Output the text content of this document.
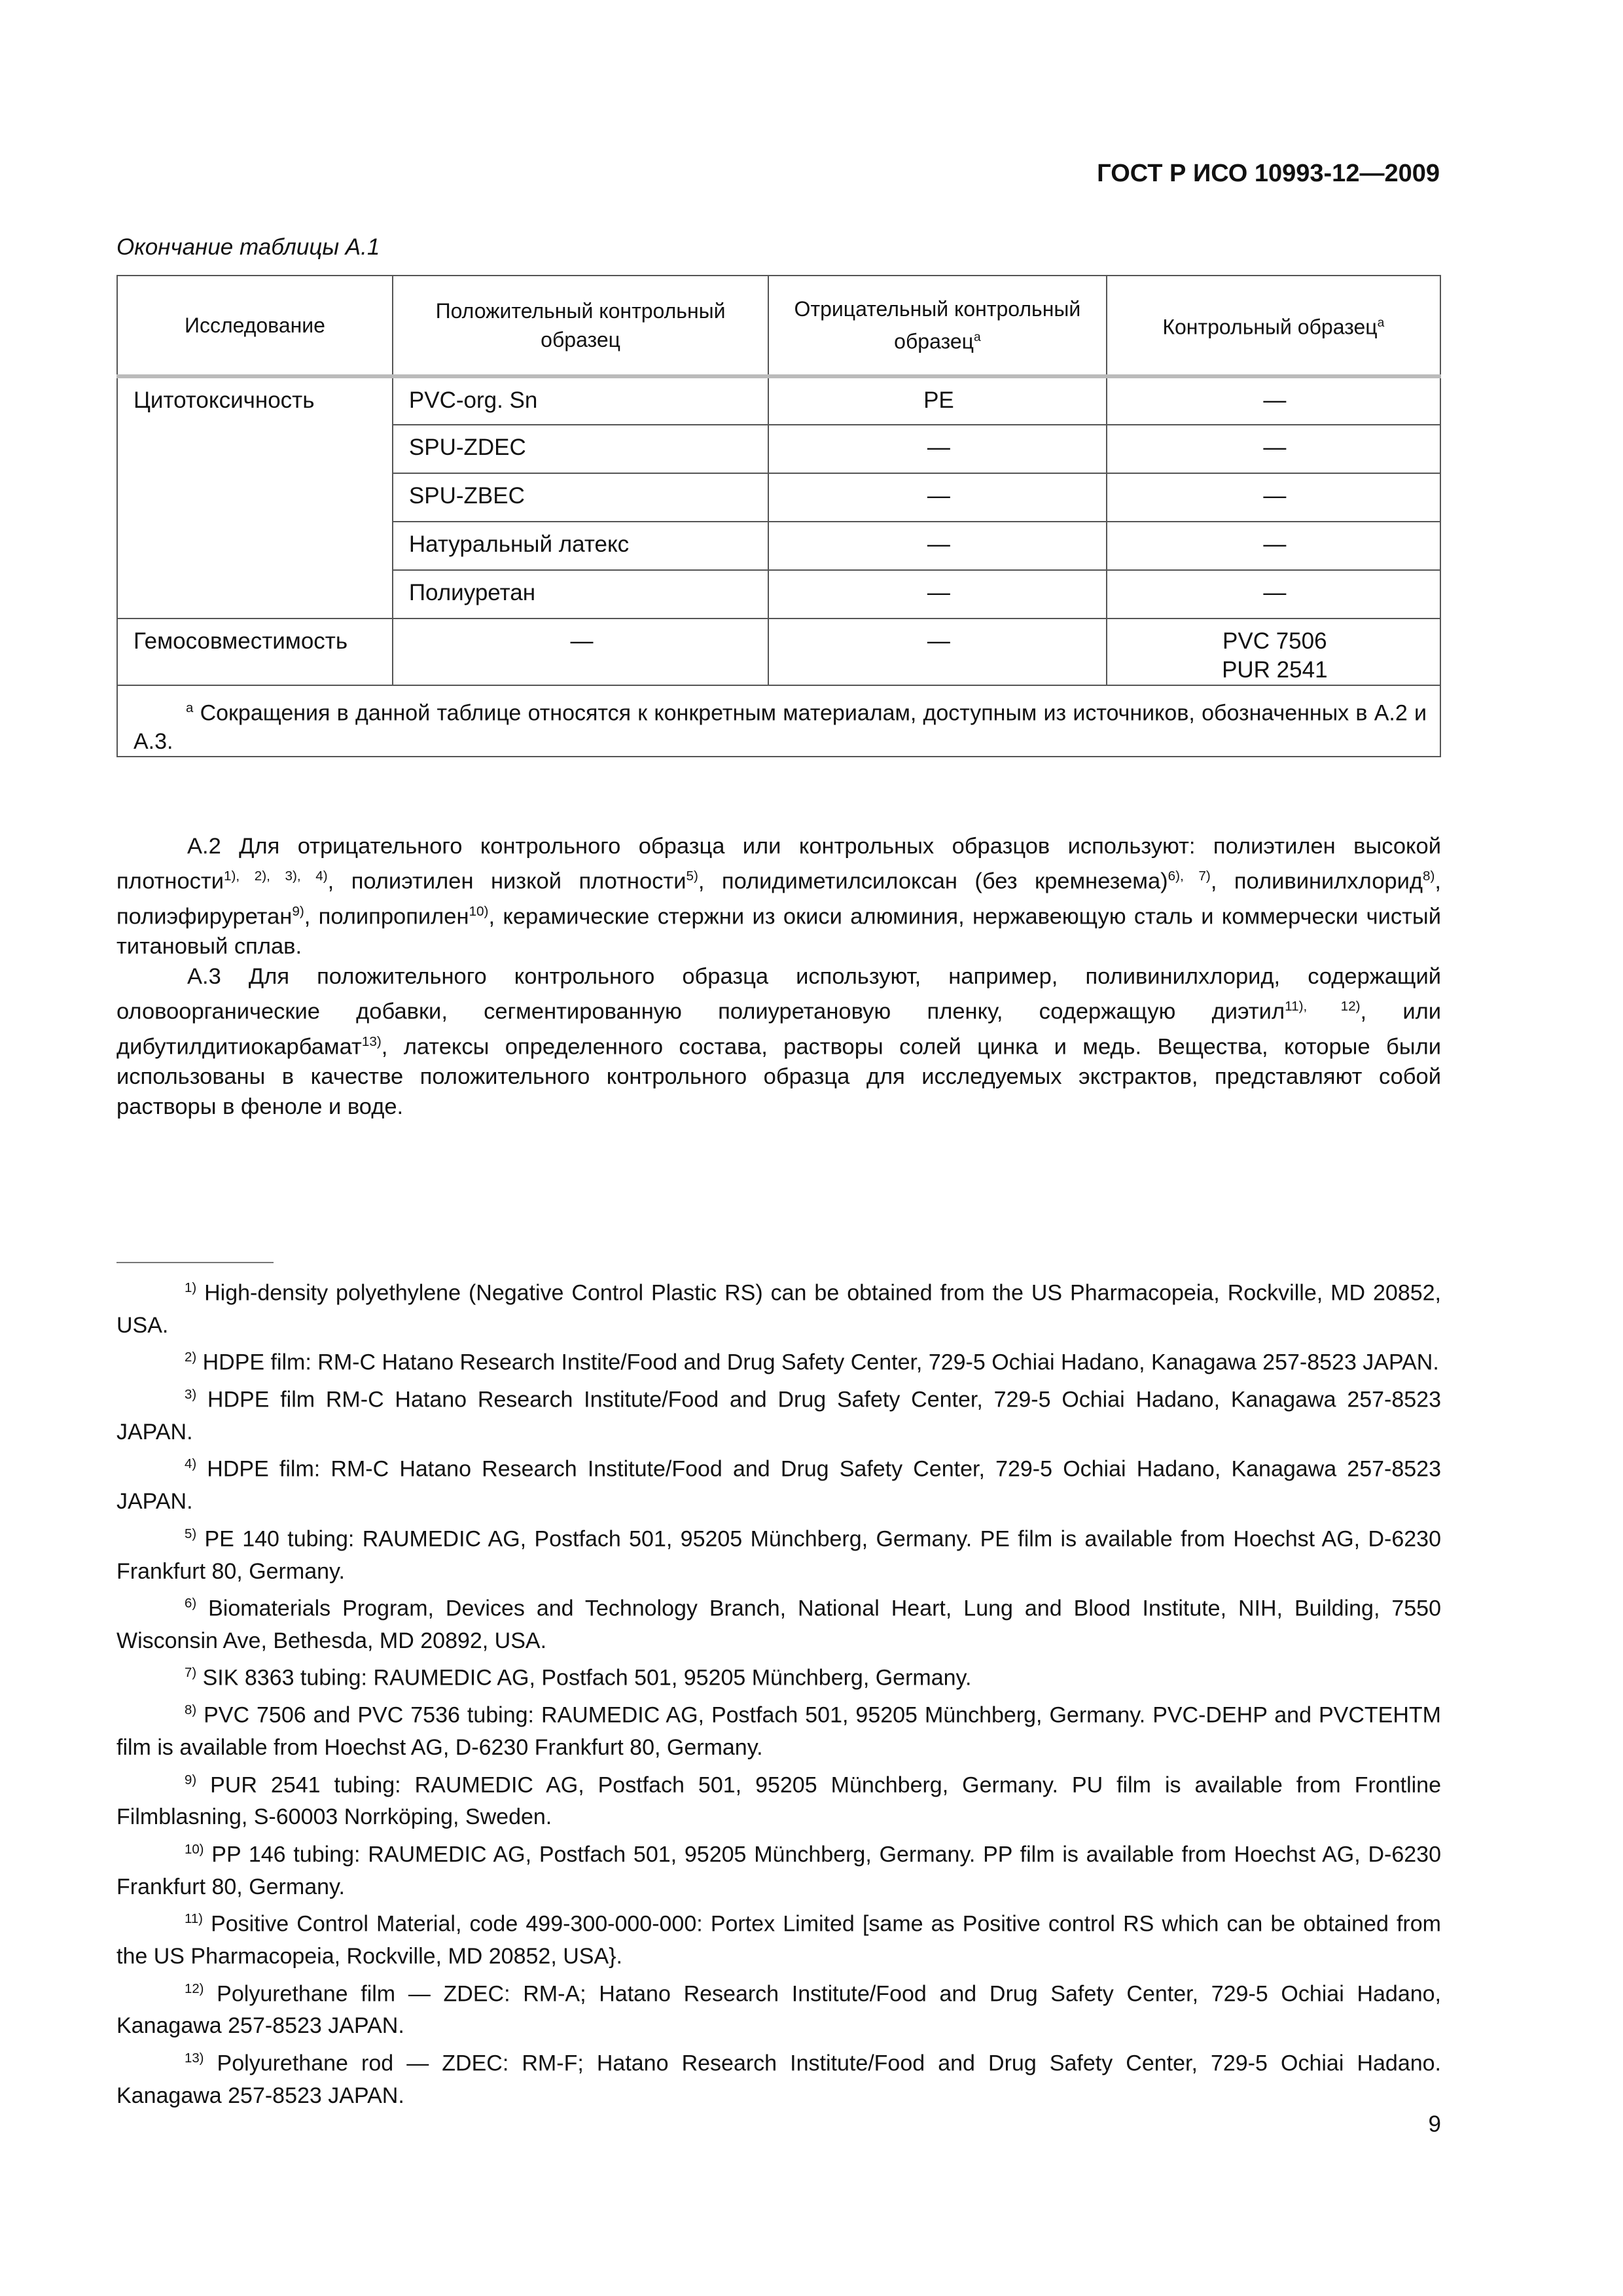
ГОСТ Р ИСО 10993-12—2009
Окончание таблицы А.1
Исследование	Положительный контрольный образец	Отрицательный контрольный образец$^а$	Контрольный образец$^а$
Цитотоксичность	PVC-org. Sn	PE	—
	SPU-ZDEC	—	—
	SPU-ZBEC	—	—
	Натуральный латекс	—	—
	Полиуретан	—	—
Гемосовместимость	—	—	PVC 7506
PUR 2541

$^а$ Сокращения в данной таблице относятся к конкретным материалам, доступным из источников, обозначенных в А.2 и А.3.			

А.2 Для отрицательного контрольного образца или контрольных образцов используют: полиэтилен высокой плотности$^{1), 2), 3), 4)}$, полиэтилен низкой плотности$^{5)}$, полидиметилсилоксан (без кремнезема)$^{6), 7)}$, поливинилхлорид$^{8)}$, полиэфируретан$^{9)}$, полипропилен$^{10)}$, керамические стержни из окиси алюминия, нержавеющую сталь и коммерчески чистый титановый сплав.

А.3 Для положительного контрольного образца используют, например, поливинилхлорид, содержащий оловоорганические добавки, сегментированную полиуретановую пленку, содержащую диэтил$^{11), 12)}$, или дибутилдитиокарбамат$^{13)}$, латексы определенного состава, растворы солей цинка и медь. Вещества, которые были использованы в качестве положительного контрольного образца для исследуемых экстрактов, представляют собой растворы в феноле и воде.

$^{1)}$ High-density polyethylene (Negative Control Plastic RS) can be obtained from the US Pharmacopeia, Rockville, MD 20852, USA.

$^{2)}$ HDPE film: RM-C Hatano Research Instite/Food and Drug Safety Center, 729-5 Ochiai Hadano, Kanagawa 257-8523 JAPAN.

$^{3)}$ HDPE film RM-C Hatano Research Institute/Food and Drug Safety Center, 729-5 Ochiai Hadano, Kanagawa 257-8523 JAPAN.

$^{4)}$ HDPE film: RM-C Hatano Research Institute/Food and Drug Safety Center, 729-5 Ochiai Hadano, Kanagawa 257-8523 JAPAN.

$^{5)}$ PE 140 tubing: RAUMEDIC AG, Postfach 501, 95205 Münchberg, Germany. PE film is available from Hoechst AG, D-6230 Frankfurt 80, Germany.

$^{6)}$ Biomaterials Program, Devices and Technology Branch, National Heart, Lung and Blood Institute, NIH, Building, 7550 Wisconsin Ave, Bethesda, MD 20892, USA.

$^{7)}$ SIK 8363 tubing: RAUMEDIC AG, Postfach 501, 95205 Münchberg, Germany.

$^{8)}$ PVC 7506 and PVC 7536 tubing: RAUMEDIC AG, Postfach 501, 95205 Münchberg, Germany. PVC-DEHP and PVCTEHTM film is available from Hoechst AG, D-6230 Frankfurt 80, Germany.

$^{9)}$ PUR 2541 tubing: RAUMEDIC AG, Postfach 501, 95205 Münchberg, Germany. PU film is available from Frontline Filmblasning, S-60003 Norrköping, Sweden.

$^{10)}$ PP 146 tubing: RAUMEDIC AG, Postfach 501, 95205 Münchberg, Germany. PP film is available from Hoechst AG, D-6230 Frankfurt 80, Germany.

$^{11)}$ Positive Control Material, code 499-300-000-000: Portex Limited [same as Positive control RS which can be obtained from the US Pharmacopeia, Rockville, MD 20852, USA}.

$^{12)}$ Polyurethane film — ZDEC: RM-A; Hatano Research Institute/Food and Drug Safety Center, 729-5 Ochiai Hadano, Kanagawa 257-8523 JAPAN.

$^{13)}$ Polyurethane rod — ZDEC: RM-F; Hatano Research Institute/Food and Drug Safety Center, 729-5 Ochiai Hadano. Kanagawa 257-8523 JAPAN.

9
